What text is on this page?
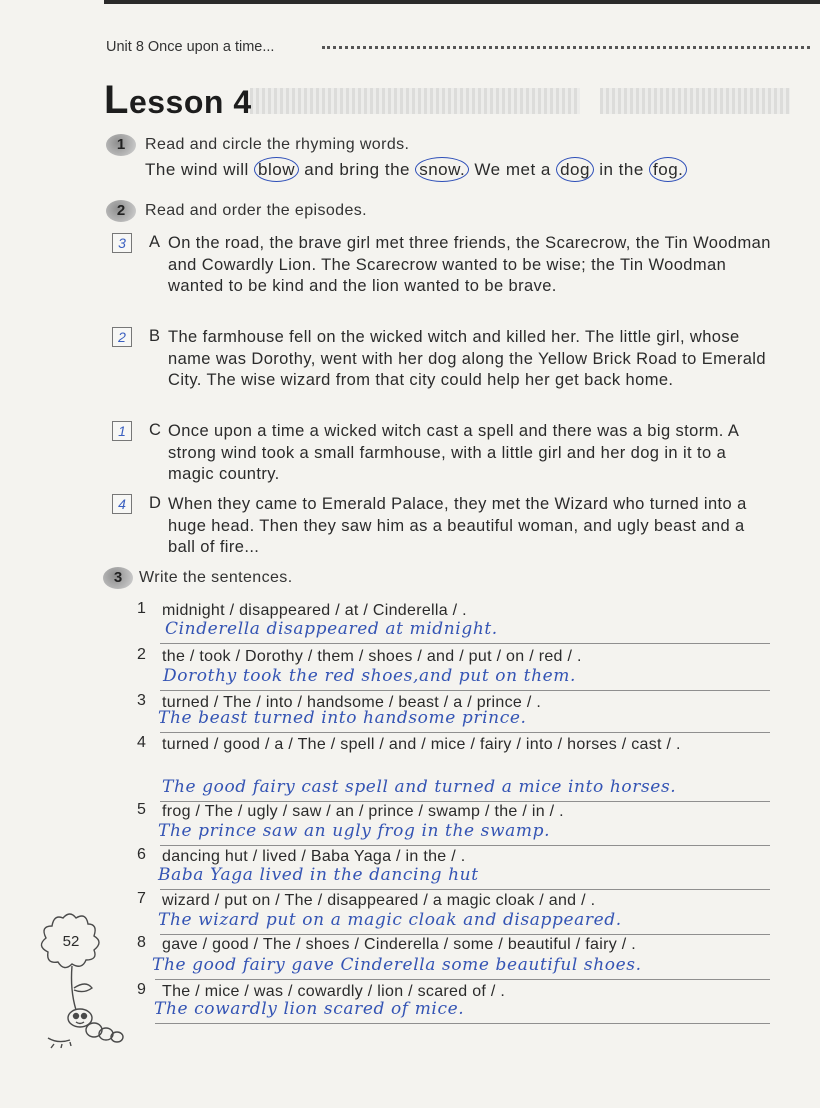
Unit 8 Once upon a time...
Lesson 4
1	Read and circle the rhyming words.
The wind will blow and bring the snow. We met a dog in the fog.
2	Read and order the episodes.
3	A On the road, the brave girl met three friends, the Scarecrow, the Tin Woodman and Cowardly Lion. The Scarecrow wanted to be wise; the Tin Woodman wanted to be kind and the lion wanted to be brave.
2	B The farmhouse fell on the wicked witch and killed her. The little girl, whose name was Dorothy, went with her dog along the Yellow Brick Road to Emerald City. The wise wizard from that city could help her get back home.
1	C Once upon a time a wicked witch cast a spell and there was a big storm. A strong wind took a small farmhouse, with a little girl and her dog in it to a magic country.
4	D When they came to Emerald Palace, they met the Wizard who turned into a huge head. Then they saw him as a beautiful woman, and ugly beast and a ball of fire...
3	Write the sentences.
1 midnight / disappeared / at / Cinderella / .
Cinderella disappeared at midnight.
2 the / took / Dorothy / them / shoes / and / put / on / red / .
Dorothy took the red shoes,and put on them.
3 turned / The / into / handsome / beast / a / prince / .
The beast turned into handsome prince.
4 turned / good / a / The / spell / and / mice / fairy / into / horses / cast / .
The good fairy cast spell and turned a mice into horses.
5 frog / The / ugly / saw / an / prince / swamp / the / in / .
The prince saw an ugly frog in the swamp.
6 dancing hut / lived / Baba Yaga / in the / .
Baba Yaga lived in the dancing hut
7 wizard / put on / The / disappeared / a magic cloak / and / .
The wizard put on a magic cloak and disappeared.
8 gave / good / The / shoes / Cinderella / some / beautiful / fairy / .
The good fairy gave Cinderella some beautiful shoes.
9 The / mice / was / cowardly / lion / scared of / .
The cowardly lion scared of mice.
52
